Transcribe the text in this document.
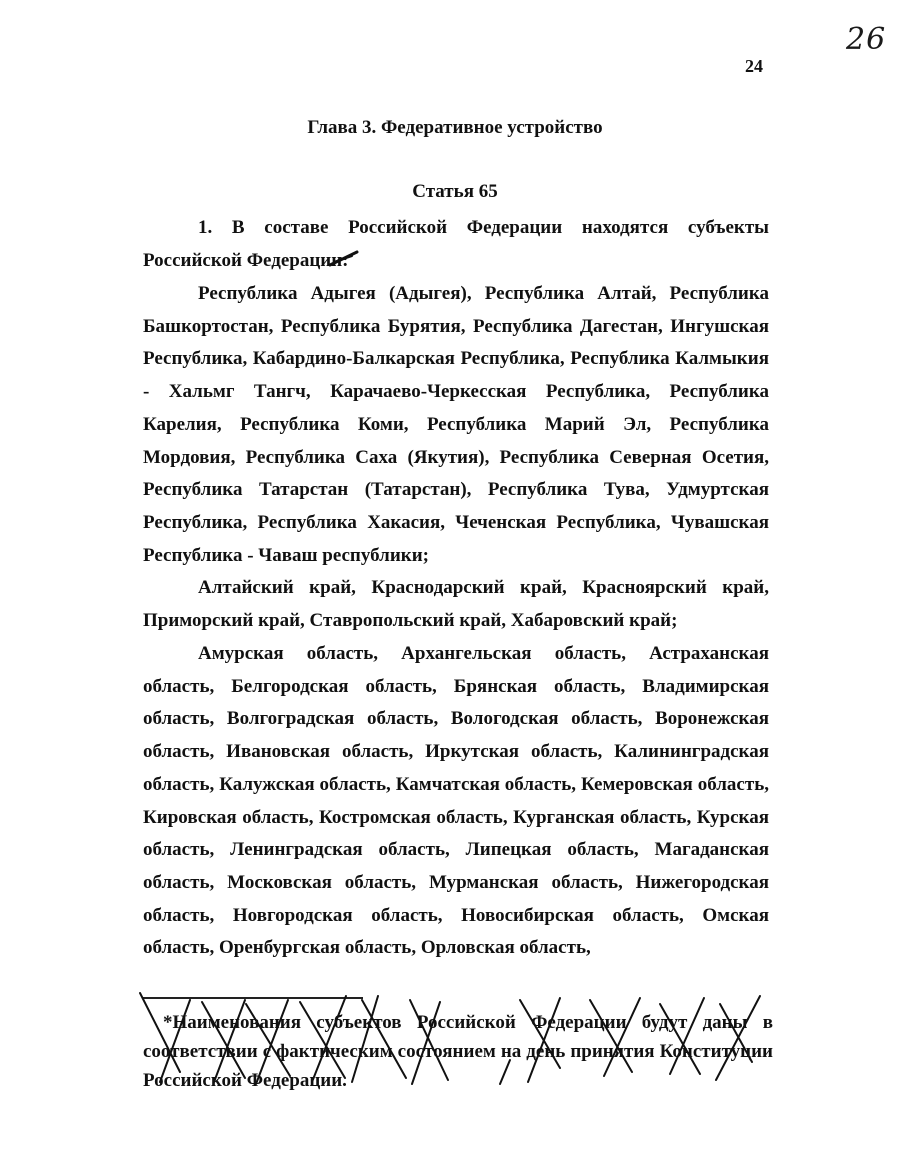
26
24
Глава 3. Федеративное устройство
Статья 65
1. В составе Российской Федерации находятся субъекты Российской Федерации:
Республика Адыгея (Адыгея), Республика Алтай, Республика Башкортостан, Республика Бурятия, Республика Дагестан, Ингушская Республика, Кабардино-Балкарская Республика, Республика Калмыкия - Хальмг Тангч, Карачаево-Черкесская Республика, Республика Карелия, Республика Коми, Республика Марий Эл, Республика Мордовия, Республика Саха (Якутия), Республика Северная Осетия, Республика Татарстан (Татарстан), Республика Тува, Удмуртская Республика, Республика Хакасия, Чеченская Республика, Чувашская Республика - Чаваш республики;
Алтайский край, Краснодарский край, Красноярский край, Приморский край, Ставропольский край, Хабаровский край;
Амурская область, Архангельская область, Астраханская область, Белгородская область, Брянская область, Владимирская область, Волгоградская область, Вологодская область, Воронежская область, Ивановская область, Иркутская область, Калининградская область, Калужская область, Камчатская область, Кемеровская область, Кировская область, Костромская область, Курганская область, Курская область, Ленинградская область, Липецкая область, Магаданская область, Московская область, Мурманская область, Нижегородская область, Новгородская область, Новосибирская область, Омская область, Оренбургская область, Орловская область,
*Наименования субъектов Российской Федерации будут даны в соответствии с фактическим состоянием на день принятия Конституции Российской Федерации.
